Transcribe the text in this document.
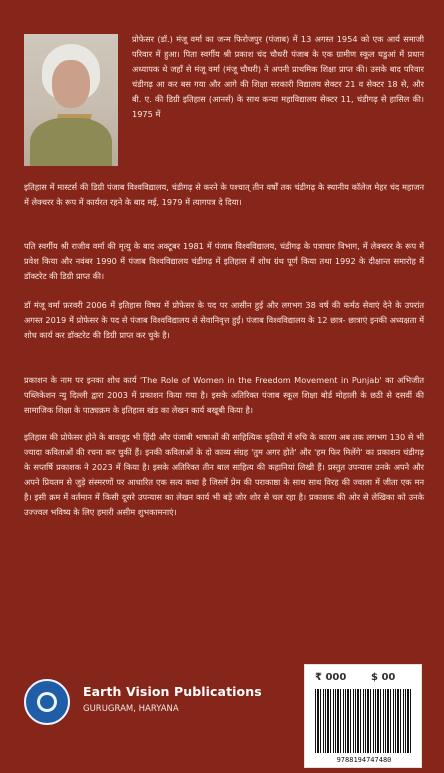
प्रोफेसर (डॉ.) मंजू वर्मा का जन्म फिरोजपुर (पंजाब) में 13 अगस्त 1954 को एक आर्य समाजी परिवार में हुआ। पिता स्वर्गीय श्री प्रकाश चंद चौधरी पंजाब के एक ग्रामीण स्कूल घडुआं में प्रधान अध्यापक थे जहाँ से मंजू वर्मा (मंजू चौधरी) ने अपनी प्राथमिक शिक्षा प्राप्त की। उसके बाद परिवार चंडीगढ़ आ कर बस गया और आगे की शिक्षा सरकारी विद्यालय सेक्टर 21 व सेक्टर 18 से, और बी. ए. की डिग्री इतिहास (आनर्स) के साथ कन्या महाविद्यालय सेक्टर 11, चंडीगढ़ से हासिल की। 1975 में
इतिहास में मास्टर्स की डिग्री पंजाब विश्वविद्यालय, चंडीगढ़ से करने के पश्चात् तीन वर्षों तक चंडीगढ़ के स्थानीय कॉलेज मेहर चंद महाजन में लेक्चरर के रूप में कार्यरत रहने के बाद मई, 1979 में त्यागपत्र दे दिया।
पति स्वर्गीय श्री राजीव वर्मा की मृत्यु के बाद अक्टूबर 1981 में पंजाब विश्वविद्यालय, चंडीगढ़ के पत्राचार विभाग, में लेक्चरर के रूप में प्रवेश किया और नवंबर 1990 में पंजाब विश्वविद्यालय चंडीगढ़ में इतिहास में शोध ग्रंथ पूर्ण किया तथा 1992 के दीक्षान्त समारोह में डॉक्टरेट की डिग्री प्राप्त की।
डॉ मंजू वर्मा फ़रवरी 2006 में इतिहास विषय में प्रोफेसर के पद पर आसीन हुई और लगभग 38 वर्ष की कर्मठ सेवाएं देने के उपरांत अगस्त 2019 में प्रोफेसर के पद से पंजाब विश्वविद्यालय से सेवानिवृत्त हुईं। पंजाब विश्वविद्यालय के 12 छात्र- छात्राएं इनकी अध्यक्षता में शोध कार्य कर डॉक्टरेट की डिग्री प्राप्त कर चुके है।
प्रकाशन के नाम पर इनका शोध कार्य 'The Role of Women in the Freedom Movement in Punjab' का अभिजीत पब्लिकेशन न्यु दिल्ली द्वारा 2003 में प्रकाशन किया गया है। इसके अतिरिक्त पंजाब स्कूल शिक्षा बोर्ड मोहाली के छठी से दसवीं की सामाजिक शिक्षा के पाठ्यक्रम के इतिहास खंड का लेखन कार्य बखूबी किया है।
इतिहास की प्रोफेसर होने के बावजूद भी हिंदी और पंजाबी भाषाओं की साहित्यिक कृतियों में रुचि के कारण अब तक लगभग 130 से भी ज्यादा कविताओं की रचना कर चुकीं हैं। इनकी कविताओं के दो काव्य संग्रह 'तुम अगर होते' और 'हम फिर मिलेंगे' का प्रकाशन चंडीगढ़ के सप्तर्षि प्रकाशक ने 2023 में किया है। इसके अतिरिक्त तीन बाल साहित्य की कहानियां लिखी हैं। प्रस्तुत उपन्यास उनके अपने और अपने प्रियतम से जुड़े संस्मरणों पर आधारित एक सत्य कथा है जिसमें प्रेम की पराकाष्ठा के साथ साथ विरह की ज्वाला में जीता एक मन है। इसी क्रम में वर्तमान में किसी दूसरे उपन्यास का लेखन कार्य भी बड़े जोर शोर से चल रहा है। प्रकाशक की ओर से लेखिका को उनके उज्ज्वल भविष्य के लिए हमारी असीम शुभकामनाएं।
Earth Vision Publications
GURUGRAM, HARYANA
₹ 000 $ 00
9788194747480
